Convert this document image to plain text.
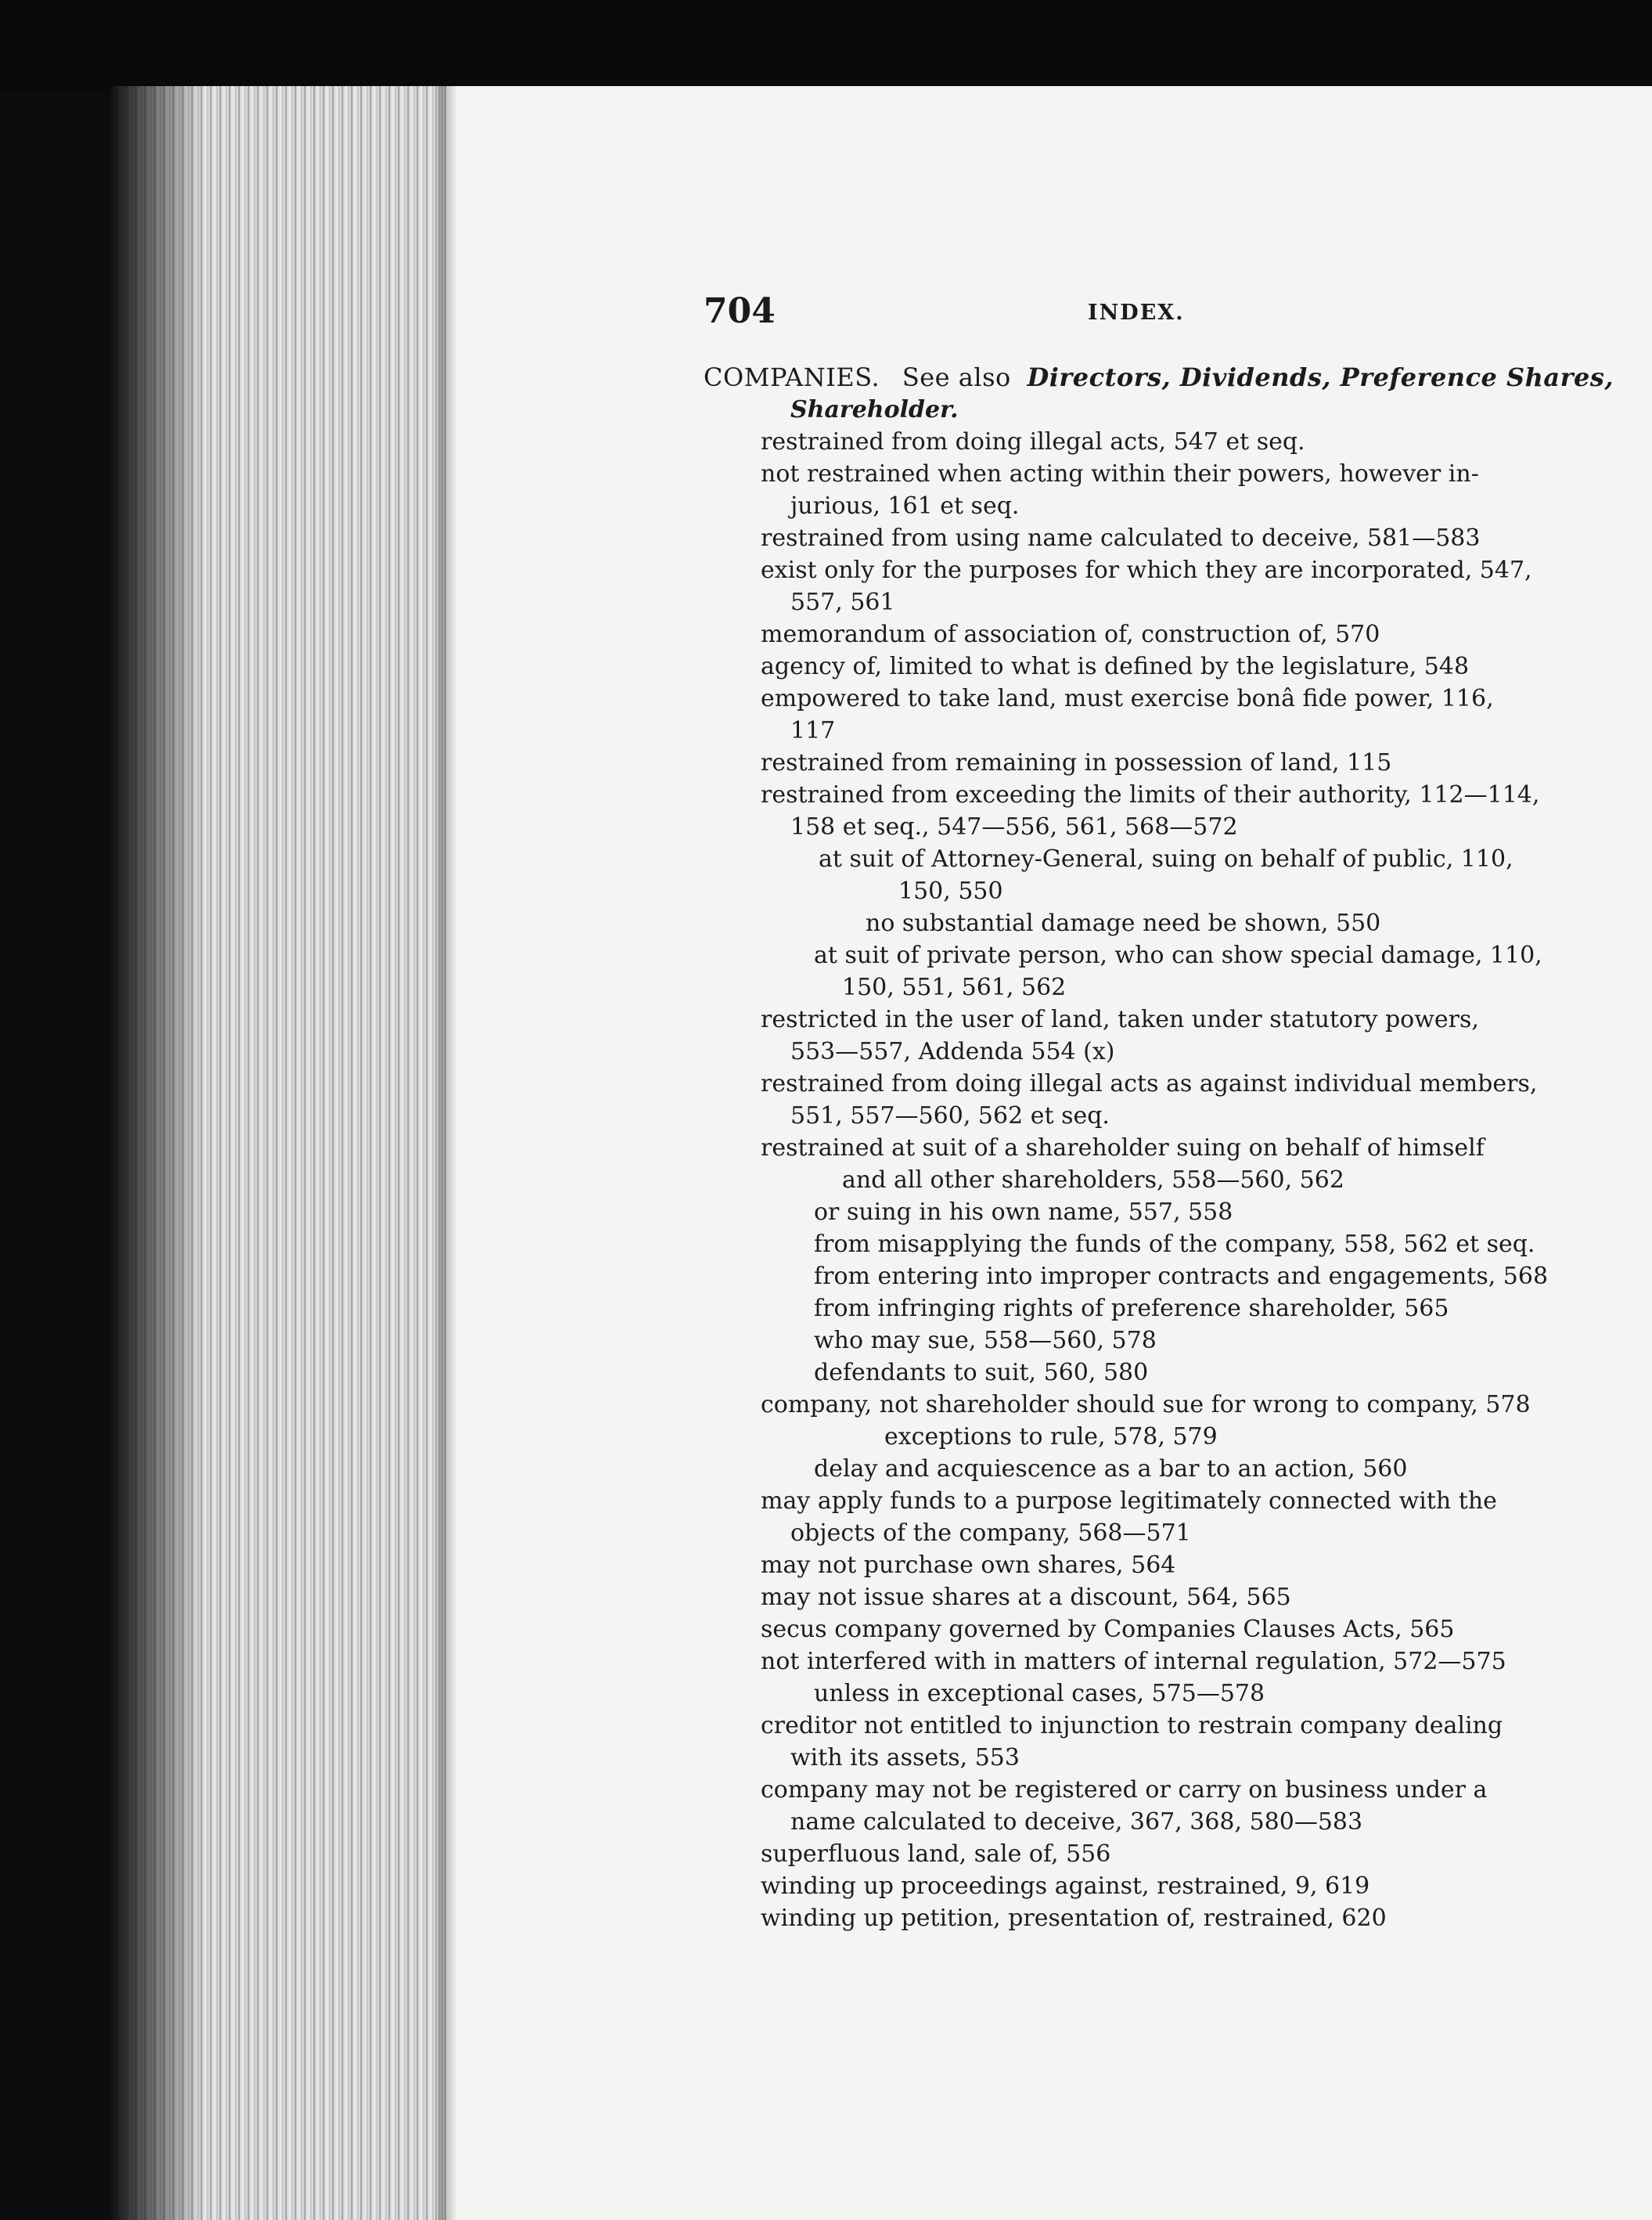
704	INDEX.
COMPANIES. See also Directors, Dividends, Preference Shares,
Shareholder.
restrained from doing illegal acts, 547 et seq.
not restrained when acting within their powers, however in-
jurious, 161 et seq.
restrained from using name calculated to deceive, 581—583
exist only for the purposes for which they are incorporated, 547,
557, 561
memorandum of association of, construction of, 570
agency of, limited to what is defined by the legislature, 548
empowered to take land, must exercise bonâ fide power, 116,
117
restrained from remaining in possession of land, 115
restrained from exceeding the limits of their authority, 112—114,
158 et seq., 547—556, 561, 568—572
at suit of Attorney-General, suing on behalf of public, 110,
150, 550
no substantial damage need be shown, 550
at suit of private person, who can show special damage, 110,
150, 551, 561, 562
restricted in the user of land, taken under statutory powers,
553—557, Addenda 554 (x)
restrained from doing illegal acts as against individual members,
551, 557—560, 562 et seq.
restrained at suit of a shareholder suing on behalf of himself
and all other shareholders, 558—560, 562
or suing in his own name, 557, 558
from misapplying the funds of the company, 558, 562 et seq.
from entering into improper contracts and engagements, 568
from infringing rights of preference shareholder, 565
who may sue, 558—560, 578
defendants to suit, 560, 580
company, not shareholder should sue for wrong to company, 578
exceptions to rule, 578, 579
delay and acquiescence as a bar to an action, 560
may apply funds to a purpose legitimately connected with the
objects of the company, 568—571
may not purchase own shares, 564
may not issue shares at a discount, 564, 565
secus company governed by Companies Clauses Acts, 565
not interfered with in matters of internal regulation, 572—575
unless in exceptional cases, 575—578
creditor not entitled to injunction to restrain company dealing
with its assets, 553
company may not be registered or carry on business under a
name calculated to deceive, 367, 368, 580—583
superfluous land, sale of, 556
winding up proceedings against, restrained, 9, 619
winding up petition, presentation of, restrained, 620
